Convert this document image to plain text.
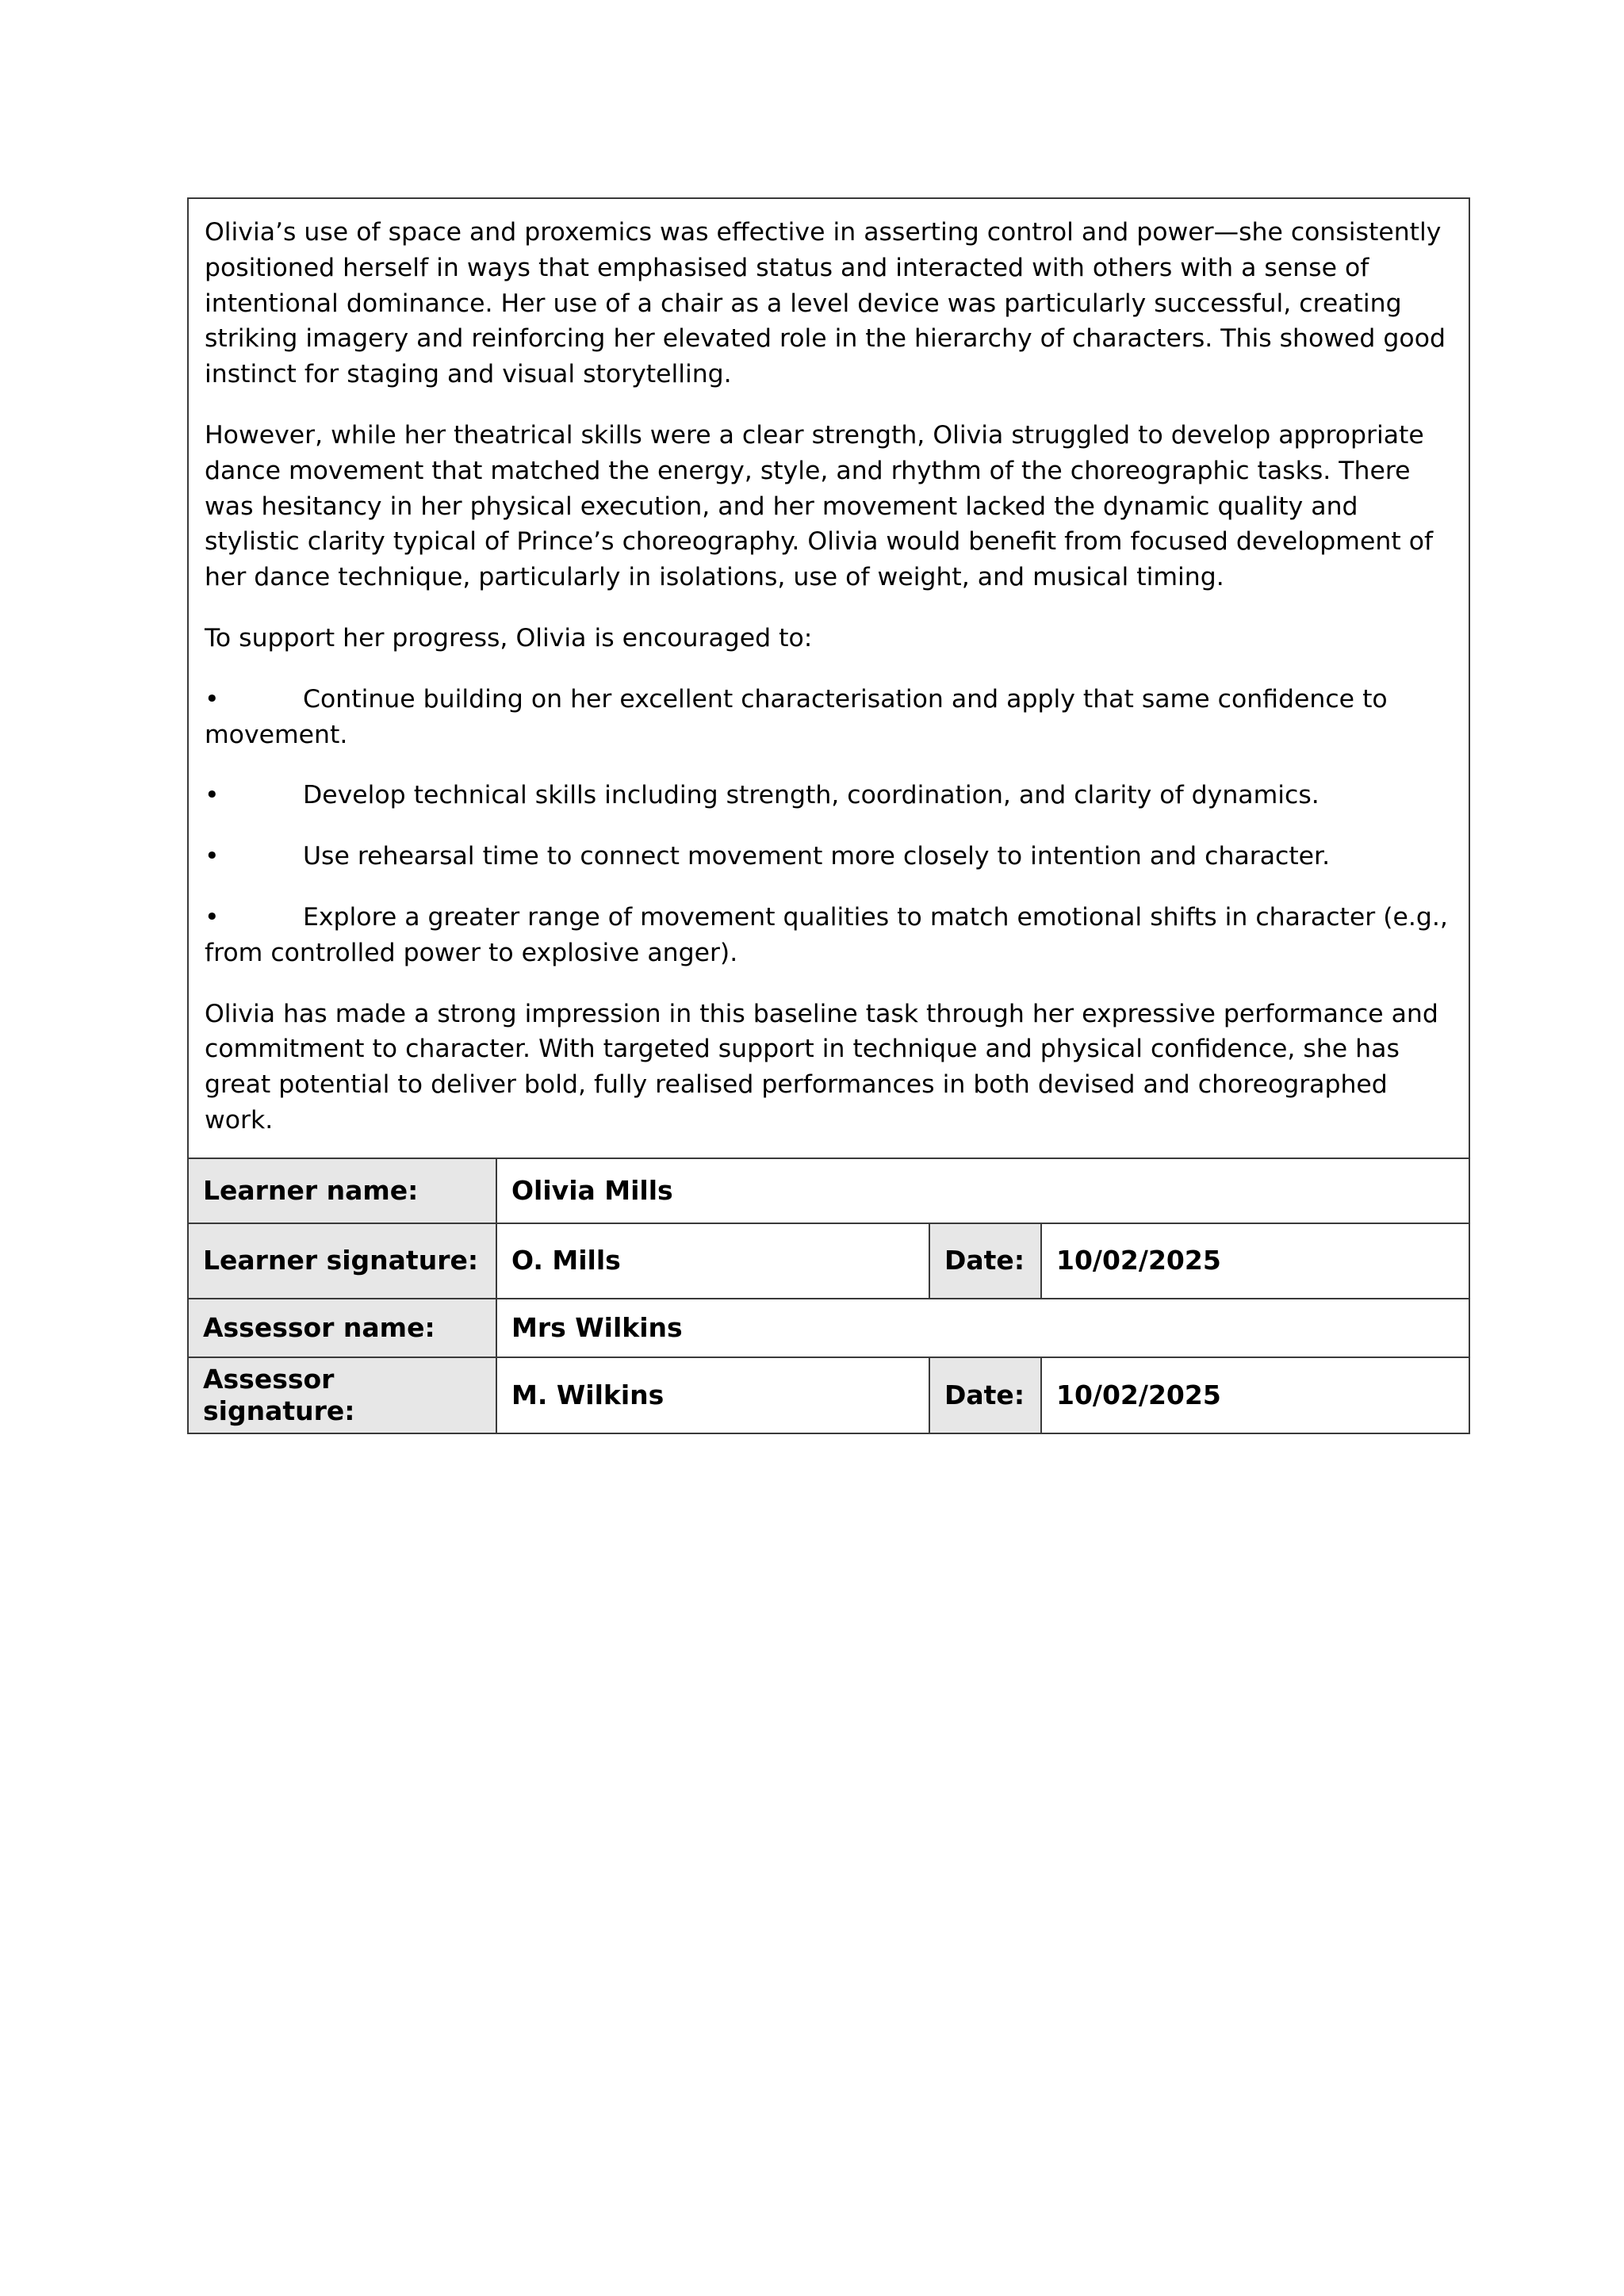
Olivia’s use of space and proxemics was effective in asserting control and power—she consistently positioned herself in ways that emphasised status and interacted with others with a sense of intentional dominance. Her use of a chair as a level device was particularly successful, creating striking imagery and reinforcing her elevated role in the hierarchy of characters. This showed good instinct for staging and visual storytelling.

However, while her theatrical skills were a clear strength, Olivia struggled to develop appropriate dance movement that matched the energy, style, and rhythm of the choreographic tasks. There was hesitancy in her physical execution, and her movement lacked the dynamic quality and stylistic clarity typical of Prince’s choreography. Olivia would benefit from focused development of her dance technique, particularly in isolations, use of weight, and musical timing.

To support her progress, Olivia is encouraged to:

•	Continue building on her excellent characterisation and apply that same confidence to movement.

•	Develop technical skills including strength, coordination, and clarity of dynamics.

•	Use rehearsal time to connect movement more closely to intention and character.

•	Explore a greater range of movement qualities to match emotional shifts in character (e.g., from controlled power to explosive anger).

Olivia has made a strong impression in this baseline task through her expressive performance and commitment to character. With targeted support in technique and physical confidence, she has great potential to deliver bold, fully realised performances in both devised and choreographed work.

Learner name:	Olivia Mills		
Learner signature:	O. Mills	Date:	10/02/2025
Assessor name:	Mrs Wilkins		
Assessor signature:	M. Wilkins	Date:	10/02/2025
